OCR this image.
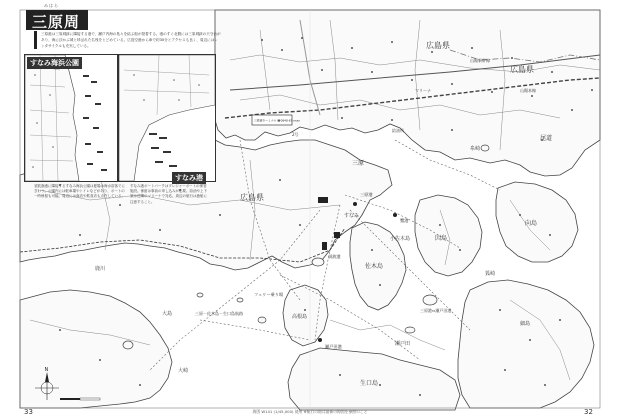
広島県
広島県
広島県
三原
糸崎
すなみ
佐木島
大島
生口島
高根島
小佐木島	因島
尾道
向島
瀬戸田
細島
鹿川
狐崎
大崎
三原－佐木島－生口島航路
三原港⇔瀬戸田港
山陽本線
山陽新幹線
2号
三原港
須波港
鷺港
瀬戸田港
フェリー乗り場
三原港ターミナル ☎0848-67-xxxx
給油所
マリーナ
N
みはら
三原周辺
三原港は三原城跡に隣接する港で、瀬戸内海の島々を結ぶ船が発着する。港のすぐ北側には三原城跡の天守台があり、海に浮かぶ城と呼ばれた名残をとどめている。広島空港から車で約30分とアクセスも良く、周辺にはレンタサイクルも充実している。
すなみ海浜公園
須波漁港に隣接するすなみ海浜公園は夏場は海水浴客でにぎわう。公園内には駐車場やトイレなどがあり、ボートの一時係留も可能。周辺には商店や飲食店も点在している。
すなみ港ボートパークはプレジャーボートの保管施設。係留は事前の申し込みが必要。給油や上下架は近隣のマリーナで対応。周辺の航行は漁船に注意すること。
すなみ港
33	32
海図 W141 (1/45,000) 使用 ※航行の際は最新の海図を参照のこと
